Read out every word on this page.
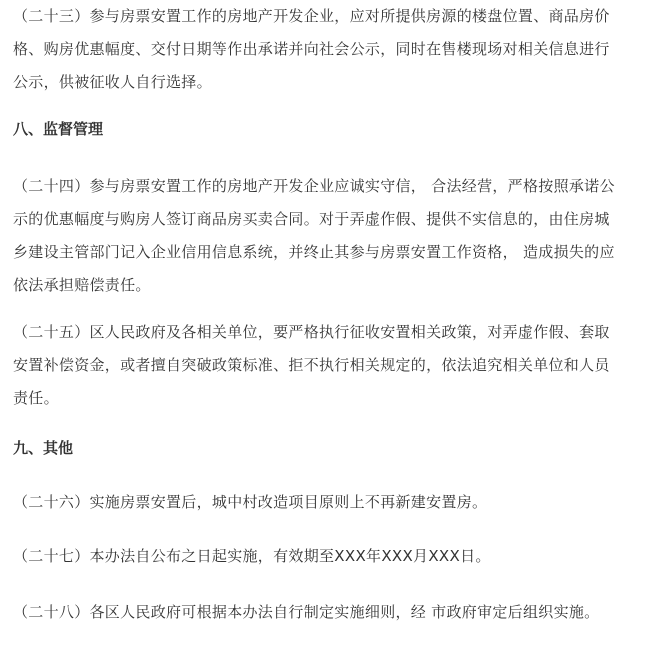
（二十三）参与房票安置工作的房地产开发企业，应对所提供房源的楼盘位置、商品房价
格、购房优惠幅度、交付日期等作出承诺并向社会公示，同时在售楼现场对相关信息进行
公示，供被征收人自行选择。

八、监督管理

（二十四）参与房票安置工作的房地产开发企业应诚实守信， 合法经营，严格按照承诺公
示的优惠幅度与购房人签订商品房买卖合同。对于弄虚作假、提供不实信息的，由住房城
乡建设主管部门记入企业信用信息系统，并终止其参与房票安置工作资格， 造成损失的应
依法承担赔偿责任。

（二十五）区人民政府及各相关单位，要严格执行征收安置相关政策，对弄虚作假、套取
安置补偿资金，或者擅自突破政策标准、拒不执行相关规定的，依法追究相关单位和人员
责任。

九、其他

（二十六）实施房票安置后，城中村改造项目原则上不再新建安置房。

（二十七）本办法自公布之日起实施，有效期至XXX年XXX月XXX日。

（二十八）各区人民政府可根据本办法自行制定实施细则，经 市政府审定后组织实施。
